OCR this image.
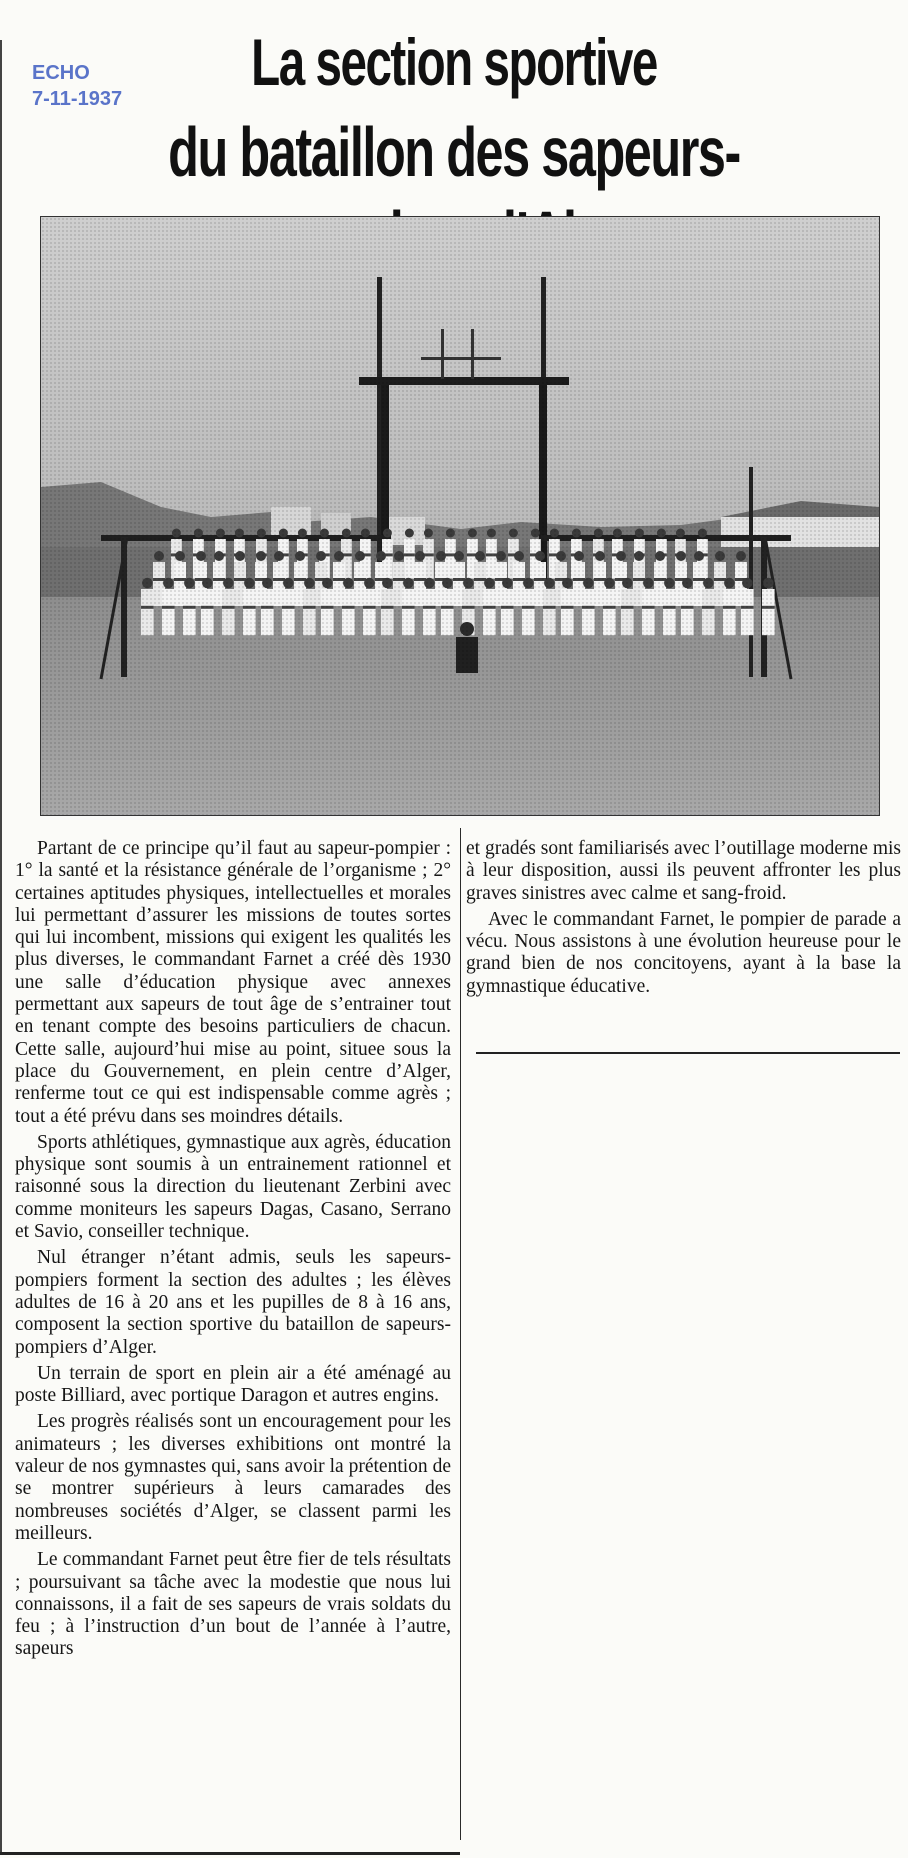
ECHO
7-11-1937	La section sportive
du bataillon des sapeurs-

Partant de ce principe qu’il faut au sapeur-pompier : 1° la santé et la résistance générale de l’organisme ; 2° certaines aptitudes physiques, intellectuelles et morales lui permettant d’assurer les missions de toutes sortes qui lui incombent, missions qui exigent les qualités les plus diverses, le commandant Farnet a créé dès 1930 une salle d’éducation physique avec annexes permettant aux sapeurs de tout âge de s’entrainer tout en tenant compte des besoins particuliers de chacun. Cette salle, aujourd’hui mise au point, situee sous la place du Gouvernement, en plein centre d’Alger, renferme tout ce qui est indispensable comme agrès ; tout a été prévu dans ses moindres détails.

Sports athlétiques, gymnastique aux agrès, éducation physique sont soumis à un entrainement rationnel et raisonné sous la direction du lieutenant Zerbini avec comme moniteurs les sapeurs Dagas, Casano, Serrano et Savio, conseiller technique.

Nul étranger n’étant admis, seuls les sapeurs-pompiers forment la section des adultes ; les élèves adultes de 16 à 20 ans et les pupilles de 8 à 16 ans, composent la section sportive du bataillon de sapeurs-pompiers d’Alger.

Un terrain de sport en plein air a été aménagé au poste Billiard, avec portique Daragon et autres engins.

Les progrès réalisés sont un encouragement pour les animateurs ; les diverses exhibitions ont montré la valeur de nos gymnastes qui, sans avoir la prétention de se montrer supérieurs à leurs camarades des nombreuses sociétés d’Alger, se classent parmi les meilleurs.

Le commandant Farnet peut être fier de tels résultats ; poursuivant sa tâche avec la modestie que nous lui connaissons, il a fait de ses sapeurs de vrais soldats du feu ; à l’instruction d’un bout de l’année à l’autre, sapeurs

et gradés sont familiarisés avec l’outillage moderne mis à leur disposition, aussi ils peuvent affronter les plus graves sinistres avec calme et sang-froid.

Avec le commandant Farnet, le pompier de parade a vécu. Nous assistons à une évolution heureuse pour le grand bien de nos concitoyens, ayant à la base la gymnastique éducative.
